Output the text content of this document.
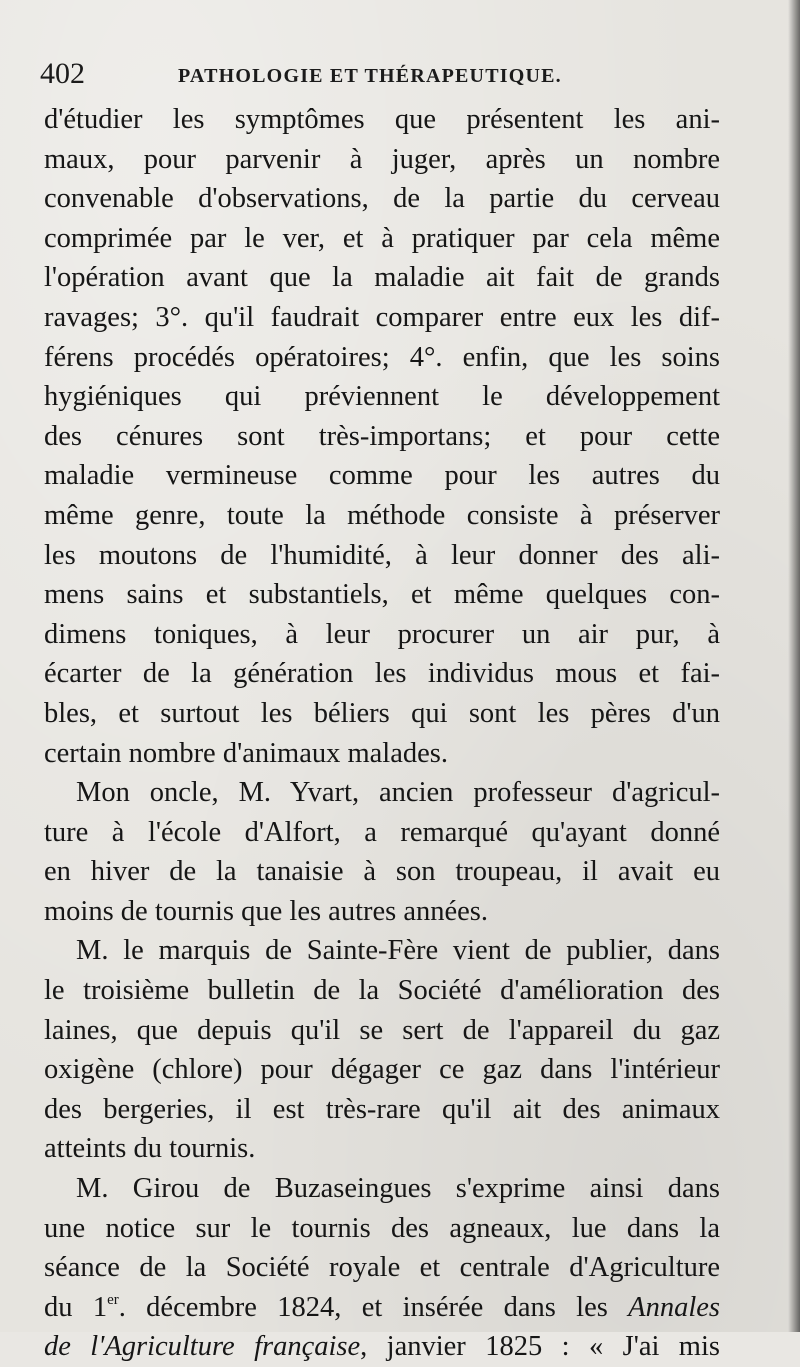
402	PATHOLOGIE ET THÉRAPEUTIQUE.
d'étudier les symptômes que présentent les ani-
maux, pour parvenir à juger, après un nombre
convenable d'observations, de la partie du cerveau
comprimée par le ver, et à pratiquer par cela même
l'opération avant que la maladie ait fait de grands
ravages; 3°. qu'il faudrait comparer entre eux les dif-
férens procédés opératoires; 4°. enfin, que les soins
hygiéniques qui préviennent le développement
des cénures sont très-importans; et pour cette
maladie vermineuse comme pour les autres du
même genre, toute la méthode consiste à préserver
les moutons de l'humidité, à leur donner des ali-
mens sains et substantiels, et même quelques con-
dimens toniques, à leur procurer un air pur, à
écarter de la génération les individus mous et fai-
bles, et surtout les béliers qui sont les pères d'un
certain nombre d'animaux malades.
Mon oncle, M. Yvart, ancien professeur d'agricul-
ture à l'école d'Alfort, a remarqué qu'ayant donné
en hiver de la tanaisie à son troupeau, il avait eu
moins de tournis que les autres années.
M. le marquis de Sainte-Fère vient de publier, dans
le troisième bulletin de la Société d'amélioration des
laines, que depuis qu'il se sert de l'appareil du gaz
oxigène (chlore) pour dégager ce gaz dans l'intérieur
des bergeries, il est très-rare qu'il ait des animaux
atteints du tournis.
M. Girou de Buzaseingues s'exprime ainsi dans
une notice sur le tournis des agneaux, lue dans la
séance de la Société royale et centrale d'Agriculture
du 1er. décembre 1824, et insérée dans les Annales
de l'Agriculture française, janvier 1825 : « J'ai mis
